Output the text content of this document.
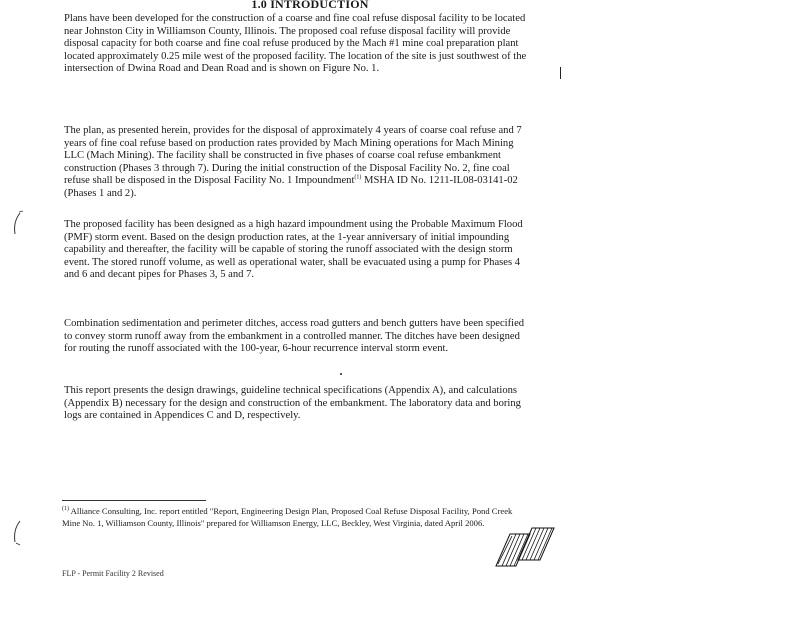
1.0 INTRODUCTION

Plans have been developed for the construction of a coarse and fine coal refuse disposal facility to be located near Johnston City in Williamson County, Illinois. The proposed coal refuse disposal facility will provide disposal capacity for both coarse and fine coal refuse produced by the Mach #1 mine coal preparation plant located approximately 0.25 mile west of the proposed facility. The location of the site is just southwest of the intersection of Dwina Road and Dean Road and is shown on Figure No. 1.

The plan, as presented herein, provides for the disposal of approximately 4 years of coarse coal refuse and 7 years of fine coal refuse based on production rates provided by Mach Mining operations for Mach Mining LLC (Mach Mining). The facility shall be constructed in five phases of coarse coal refuse embankment construction (Phases 3 through 7). During the initial construction of the Disposal Facility No. 2, fine coal refuse shall be disposed in the Disposal Facility No. 1 Impoundment$^{(1)}$ MSHA ID No. 1211-IL08-03141-02 (Phases 1 and 2).

The proposed facility has been designed as a high hazard impoundment using the Probable Maximum Flood (PMF) storm event. Based on the design production rates, at the 1-year anniversary of initial impounding capability and thereafter, the facility will be capable of storing the runoff associated with the design storm event. The stored runoff volume, as well as operational water, shall be evacuated using a pump for Phases 4 and 6 and decant pipes for Phases 3, 5 and 7.

Combination sedimentation and perimeter ditches, access road gutters and bench gutters have been specified to convey storm runoff away from the embankment in a controlled manner. The ditches have been designed for routing the runoff associated with the 100-year, 6-hour recurrence interval storm event.

This report presents the design drawings, guideline technical specifications (Appendix A), and calculations (Appendix B) necessary for the design and construction of the embankment. The laboratory data and boring logs are contained in Appendices C and D, respectively.

$^{(1)}$ Alliance Consulting, Inc. report entitled "Report, Engineering Design Plan, Proposed Coal Refuse Disposal Facility, Pond Creek Mine No. 1, Williamson County, Illinois" prepared for Williamson Energy, LLC, Beckley, West Virginia, dated April 2006.

FLP - Permit Facility 2 Revised
